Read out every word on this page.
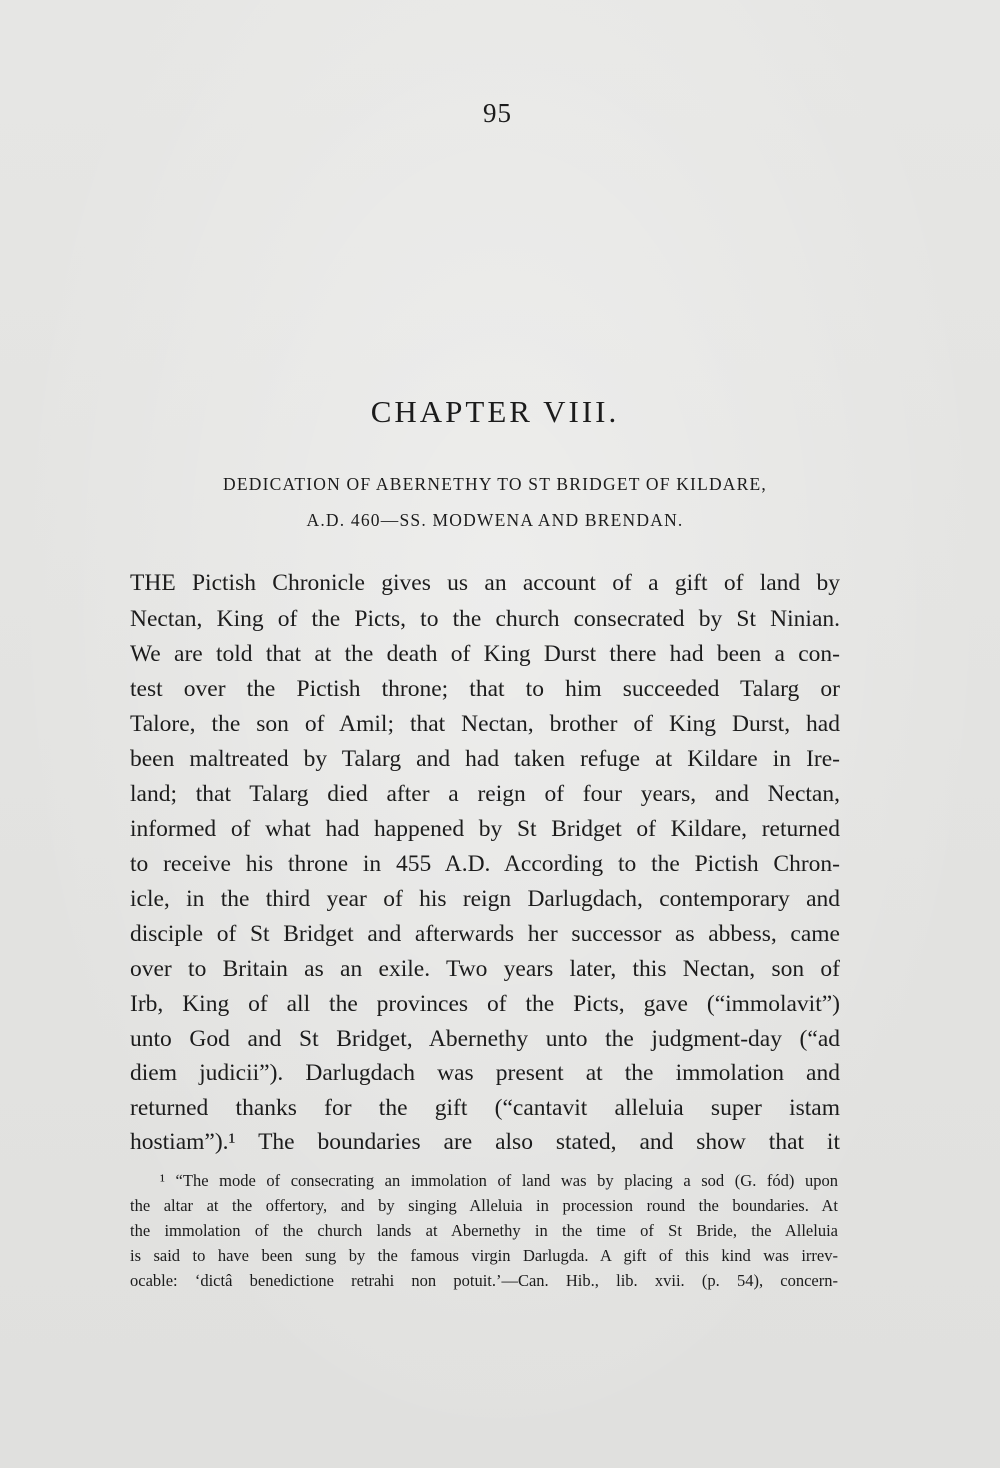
95
CHAPTER VIII.
DEDICATION OF ABERNETHY TO ST BRIDGET OF KILDARE,
A.D. 460—SS. MODWENA AND BRENDAN.
THE Pictish Chronicle gives us an account of a gift of land by
Nectan, King of the Picts, to the church consecrated by St Ninian.
We are told that at the death of King Durst there had been a con-
test over the Pictish throne; that to him succeeded Talarg or
Talore, the son of Amil; that Nectan, brother of King Durst, had
been maltreated by Talarg and had taken refuge at Kildare in Ire-
land; that Talarg died after a reign of four years, and Nectan,
informed of what had happened by St Bridget of Kildare, returned
to receive his throne in 455 A.D. According to the Pictish Chron-
icle, in the third year of his reign Darlugdach, contemporary and
disciple of St Bridget and afterwards her successor as abbess, came
over to Britain as an exile. Two years later, this Nectan, son of
Irb, King of all the provinces of the Picts, gave (“immolavit”)
unto God and St Bridget, Abernethy unto the judgment-day (“ad
diem judicii”). Darlugdach was present at the immolation and
returned thanks for the gift (“cantavit alleluia super istam
hostiam”).¹ The boundaries are also stated, and show that it
¹ “The mode of consecrating an immolation of land was by placing a sod (G. fód) upon
the altar at the offertory, and by singing Alleluia in procession round the boundaries. At
the immolation of the church lands at Abernethy in the time of St Bride, the Alleluia
is said to have been sung by the famous virgin Darlugda. A gift of this kind was irrev-
ocable: ‘dictâ benedictione retrahi non potuit.’—Can. Hib., lib. xvii. (p. 54), concern-
